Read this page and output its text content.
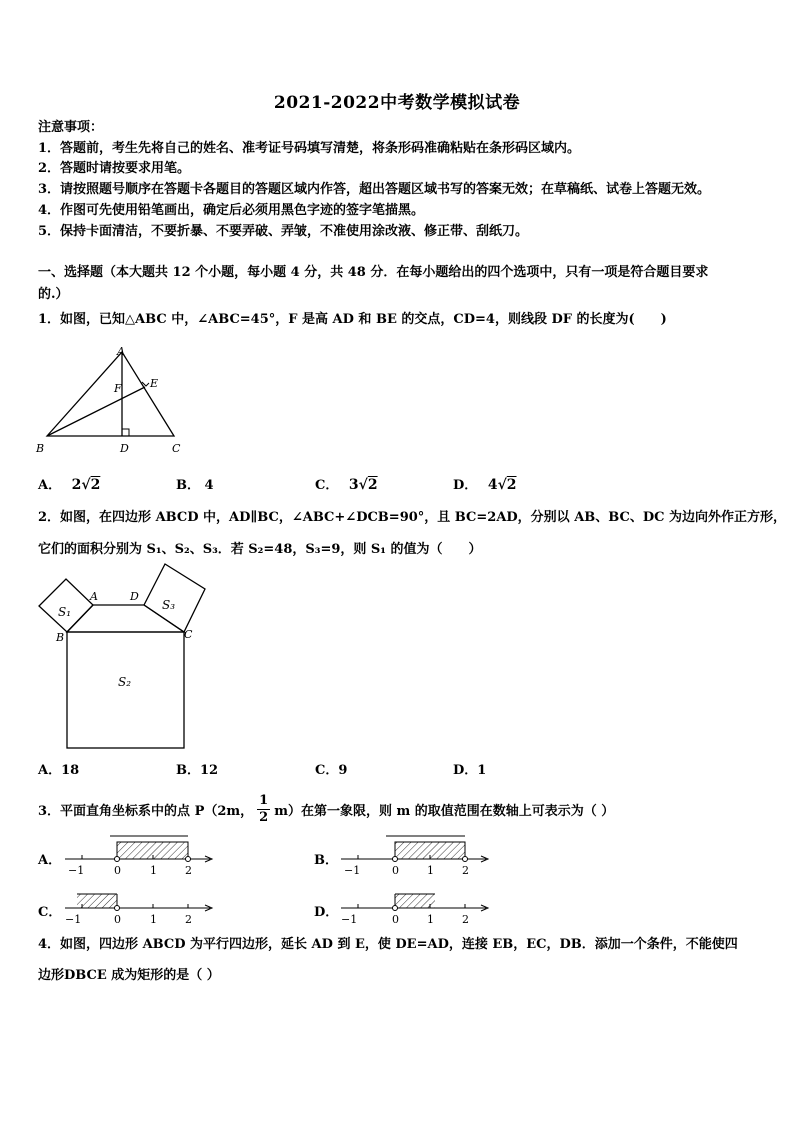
2021-2022中考数学模拟试卷
注意事项：
1．答题前，考生先将自己的姓名、准考证号码填写清楚，将条形码准确粘贴在条形码区域内。
2．答题时请按要求用笔。
3．请按照题号顺序在答题卡各题目的答题区域内作答，超出答题区域书写的答案无效；在草稿纸、试卷上答题无效。
4．作图可先使用铅笔画出，确定后必须用黑色字迹的签字笔描黑。
5．保持卡面清洁，不要折暴、不要弄破、弄皱，不准使用涂改液、修正带、刮纸刀。
一、选择题（本大题共 12 个小题，每小题 4 分，共 48 分．在每小题给出的四个选项中，只有一项是符合题目要求
的.）
1．如图，已知△ABC 中，∠ABC=45°，F 是高 AD 和 BE 的交点，CD=4，则线段 DF 的长度为(　　)
A
B	C
D
E
F
A． 2√2	B． 4	C． 3√2	D． 4√2
2．如图，在四边形 ABCD 中，AD∥BC，∠ABC+∠DCB=90°，且 BC=2AD，分别以 AB、BC、DC 为边向外作正方形，
它们的面积分别为 S₁、S₂、S₃．若 S₂=48，S₃=9，则 S₁ 的值为（　　）
S₁	S₃
S₂
A	D
B	C
A．18	B．12	C．9	D．1
3．平面直角坐标系中的点 P（2m， $\frac{1}{2} m$）在第一象限，则 m 的取值范围在数轴上可表示为（ ）
A．
−1	0	1	2
B．
−1	0	1	2
C． −1	0	1	2	D． −1	0	1	2
4．如图，四边形 ABCD 为平行四边形，延长 AD 到 E，使 DE=AD，连接 EB，EC，DB．添加一个条件，不能使四
边形DBCE 成为矩形的是（ ）
